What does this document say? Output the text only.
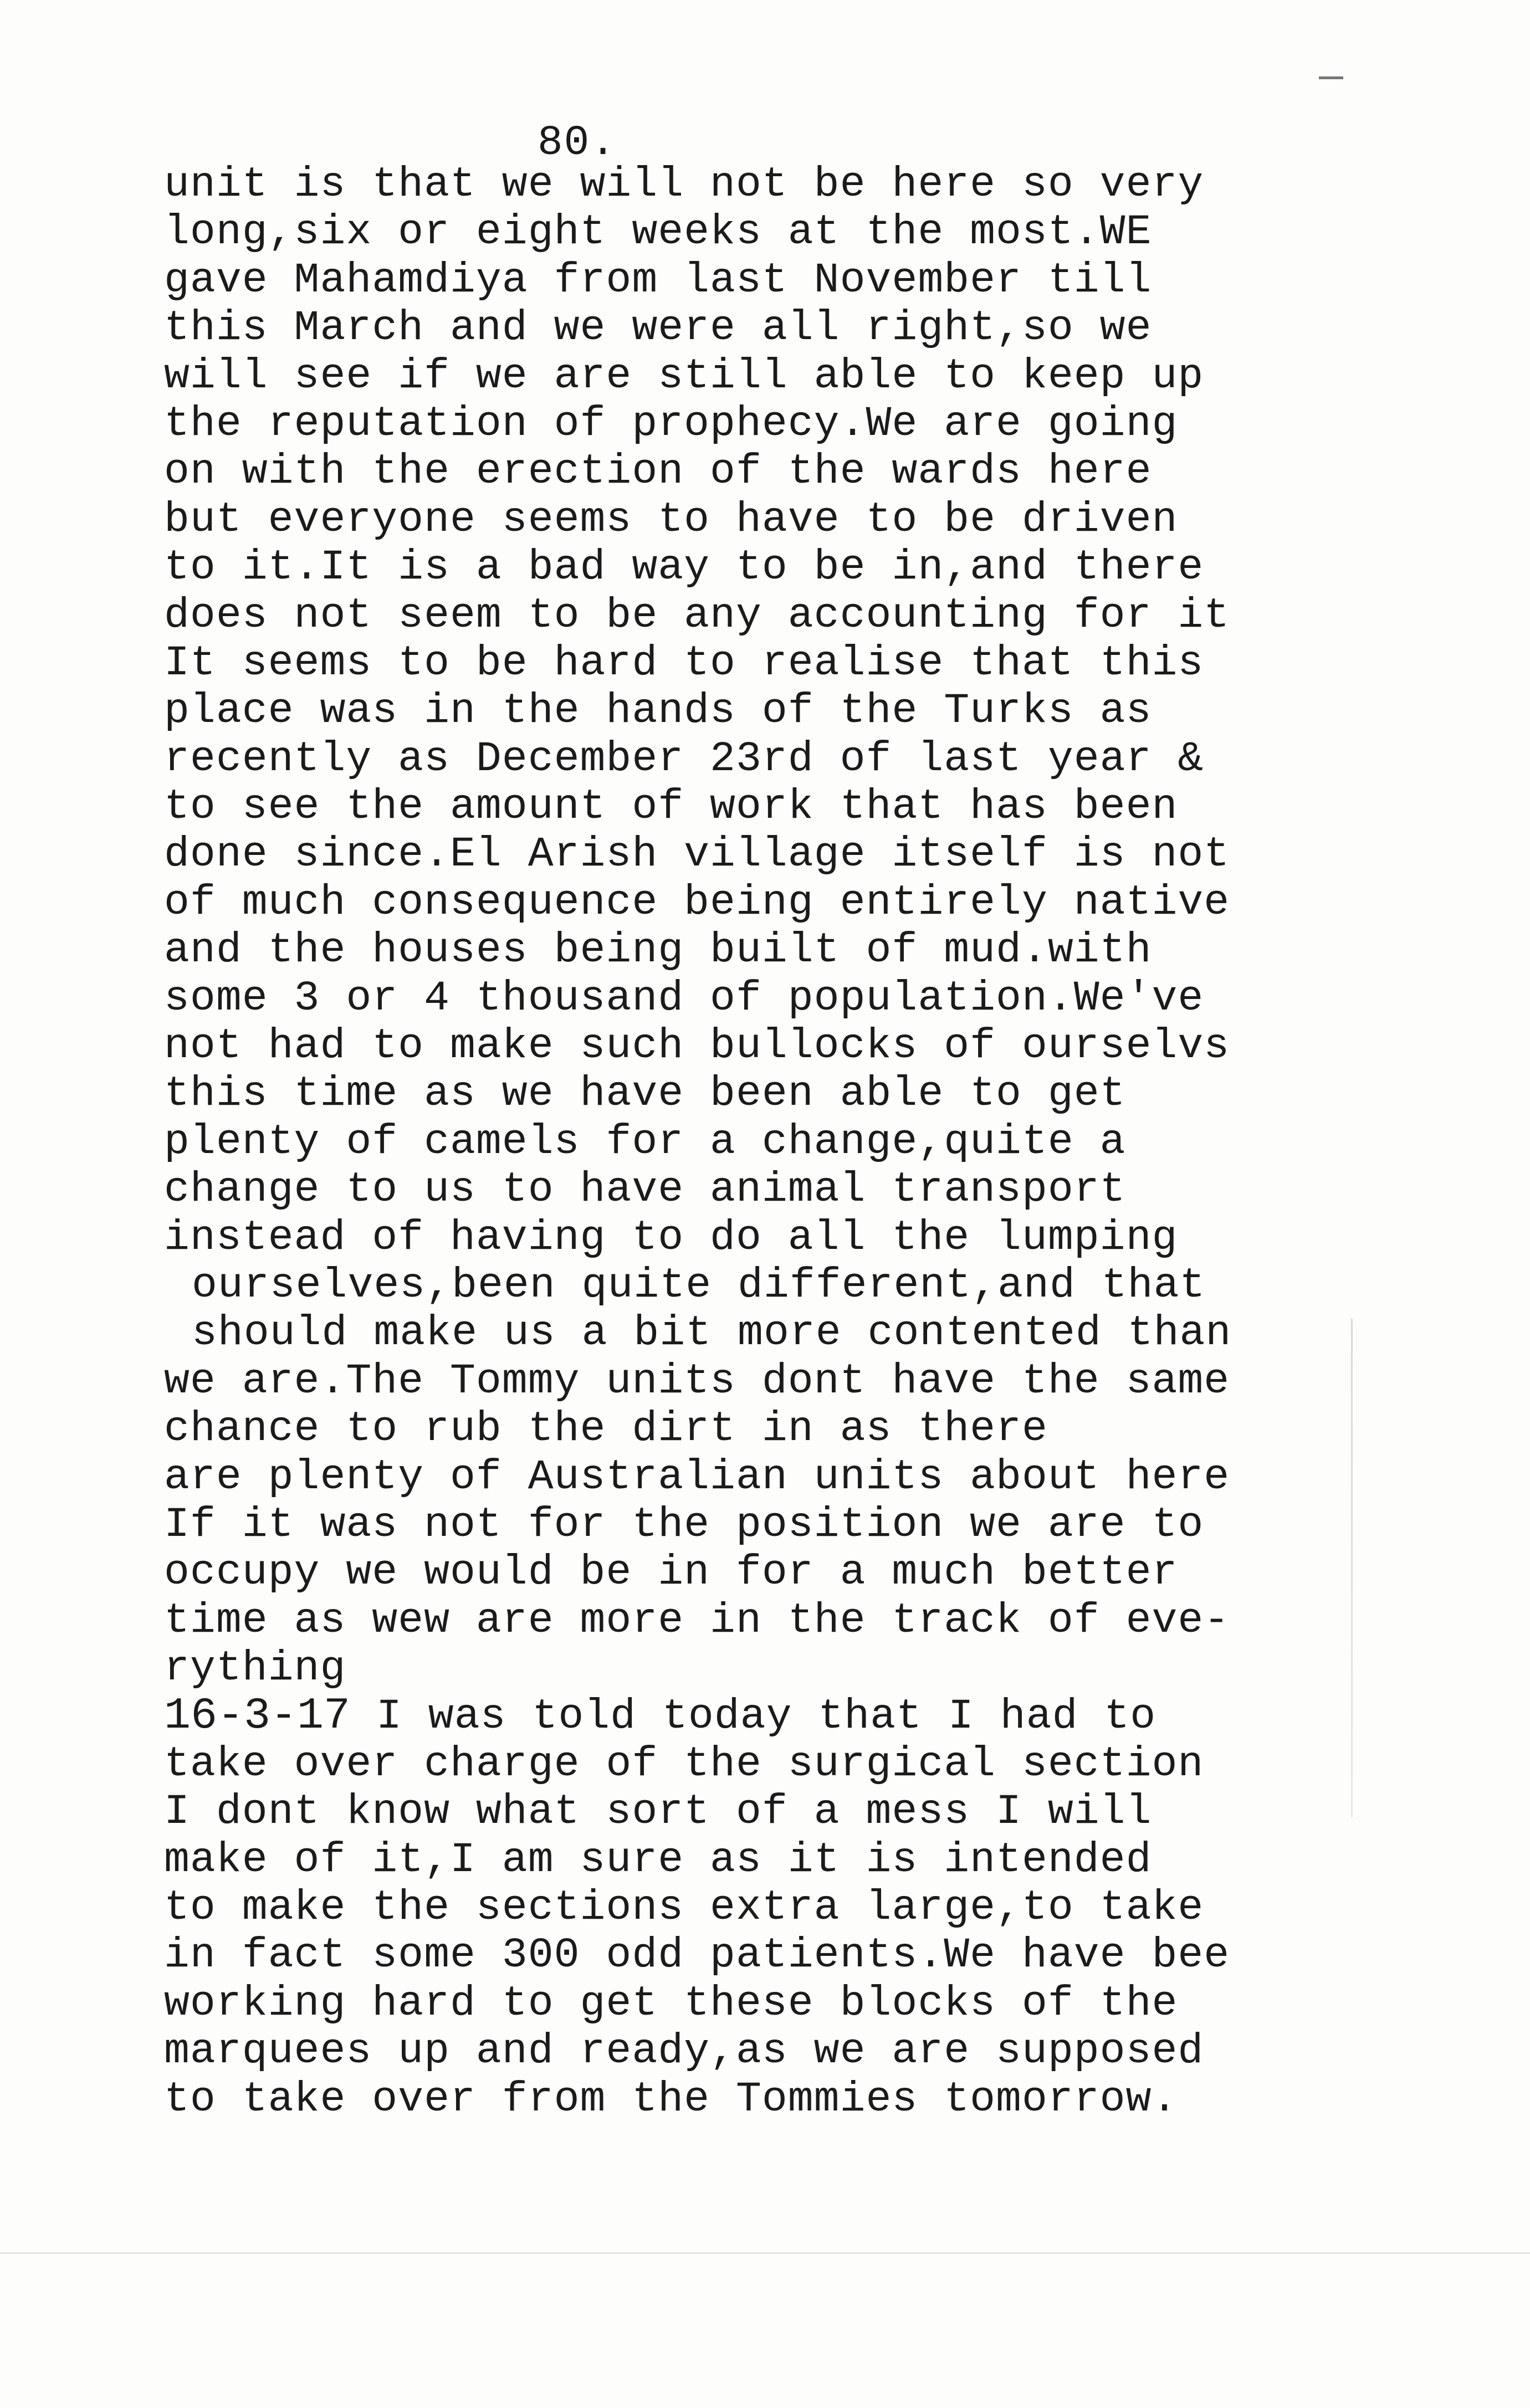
80.
unit is that we will not be here so very
long,six or eight weeks at the most.WE
gave Mahamdiya from last November till
this March and we were all right,so we
will see if we are still able to keep up
the reputation of prophecy.We are going
on with the erection of the wards here
but everyone seems to have to be driven
to it.It is a bad way to be in,and there
does not seem to be any accounting for it
It seems to be hard to realise that this
place was in the hands of the Turks as
recently as December 23rd of last year &
to see the amount of work that has been
done since.El Arish village itself is not
of much consequence being entirely native
and the houses being built of mud.with
some 3 or 4 thousand of population.We've
not had to make such bullocks of ourselvs
this time as we have been able to get
plenty of camels for a change,quite a
change to us to have animal transport
instead of having to do all the lumping
ourselves,been quite different,and that
should make us a bit more contented than
we are.The Tommy units dont have the same
chance to rub the dirt in as there
are plenty of Australian units about here
If it was not for the position we are to
occupy we would be in for a much better
time as wew are more in the track of eve-
rything
16-3-17 I was told today that I had to
take over charge of the surgical section
I dont know what sort of a mess I will
make of it,I am sure as it is intended
to make the sections extra large,to take
in fact some 300 odd patients.We have bee
working hard to get these blocks of the
marquees up and ready,as we are supposed
to take over from the Tommies tomorrow.
